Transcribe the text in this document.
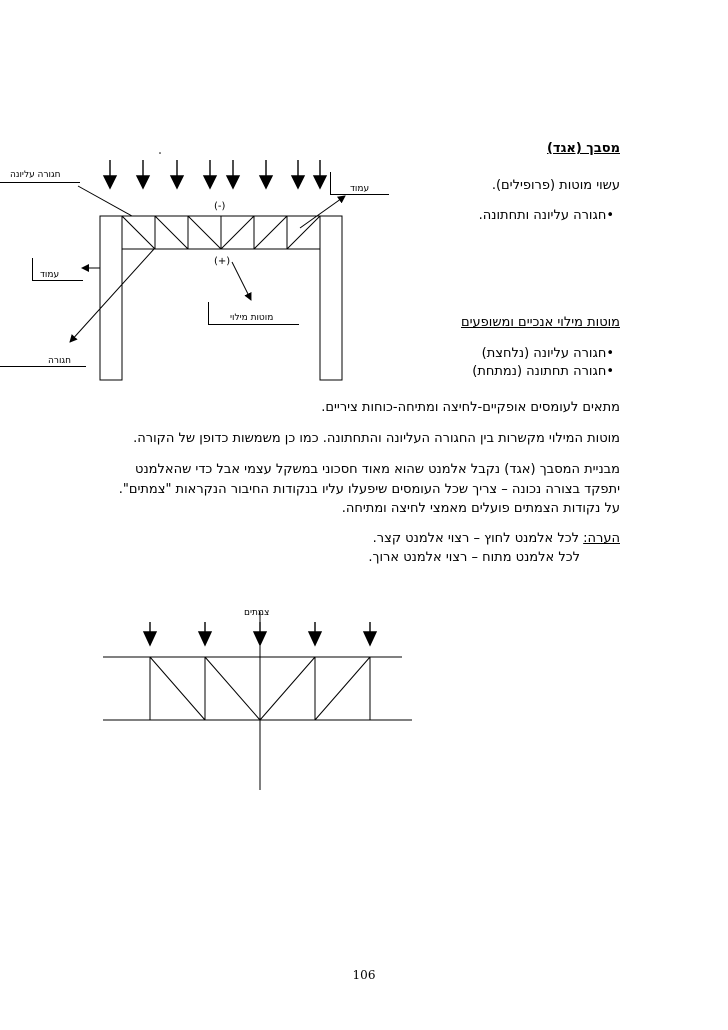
חגורה עליונה
עמוד
עמוד
מוטות מילוי
חגורה
(-)
(+)
צמתים
מסבך (אגד)
עשוי מוטות (פרופילים).
•חגורה עליונה ותחתונה.
מוטות מילוי אנכיים ומשופעים
•חגורה עליונה (נלחצת)
•חגורה תחתונה (נמתחת)
מתאים לעומסים אופקיים-לחיצה ומתיחה-כוחות ציריים.
מוטות המילוי מקשרות בין החגורה העליונה והתחתונה. כמו כן משמשות כדופן של הקורה.
מבניית המסבך (אגד) נקבל אלמנט שהוא מאוד חסכוני במשקל עצמי אבל כדי שהאלמנט
יתפקד בצורה נכונה – צריך שכל העומסים שיפעלו עליו בנקודות החיבור הנקראות "צמתים".
על נקודות הצמתים פועלים מאמצי לחיצה ומתיחה.
הערה: לכל אלמנט לחוץ – רצוי אלמנט קצר.
לכל אלמנט מתוח – רצוי אלמנט ארוך.
106
